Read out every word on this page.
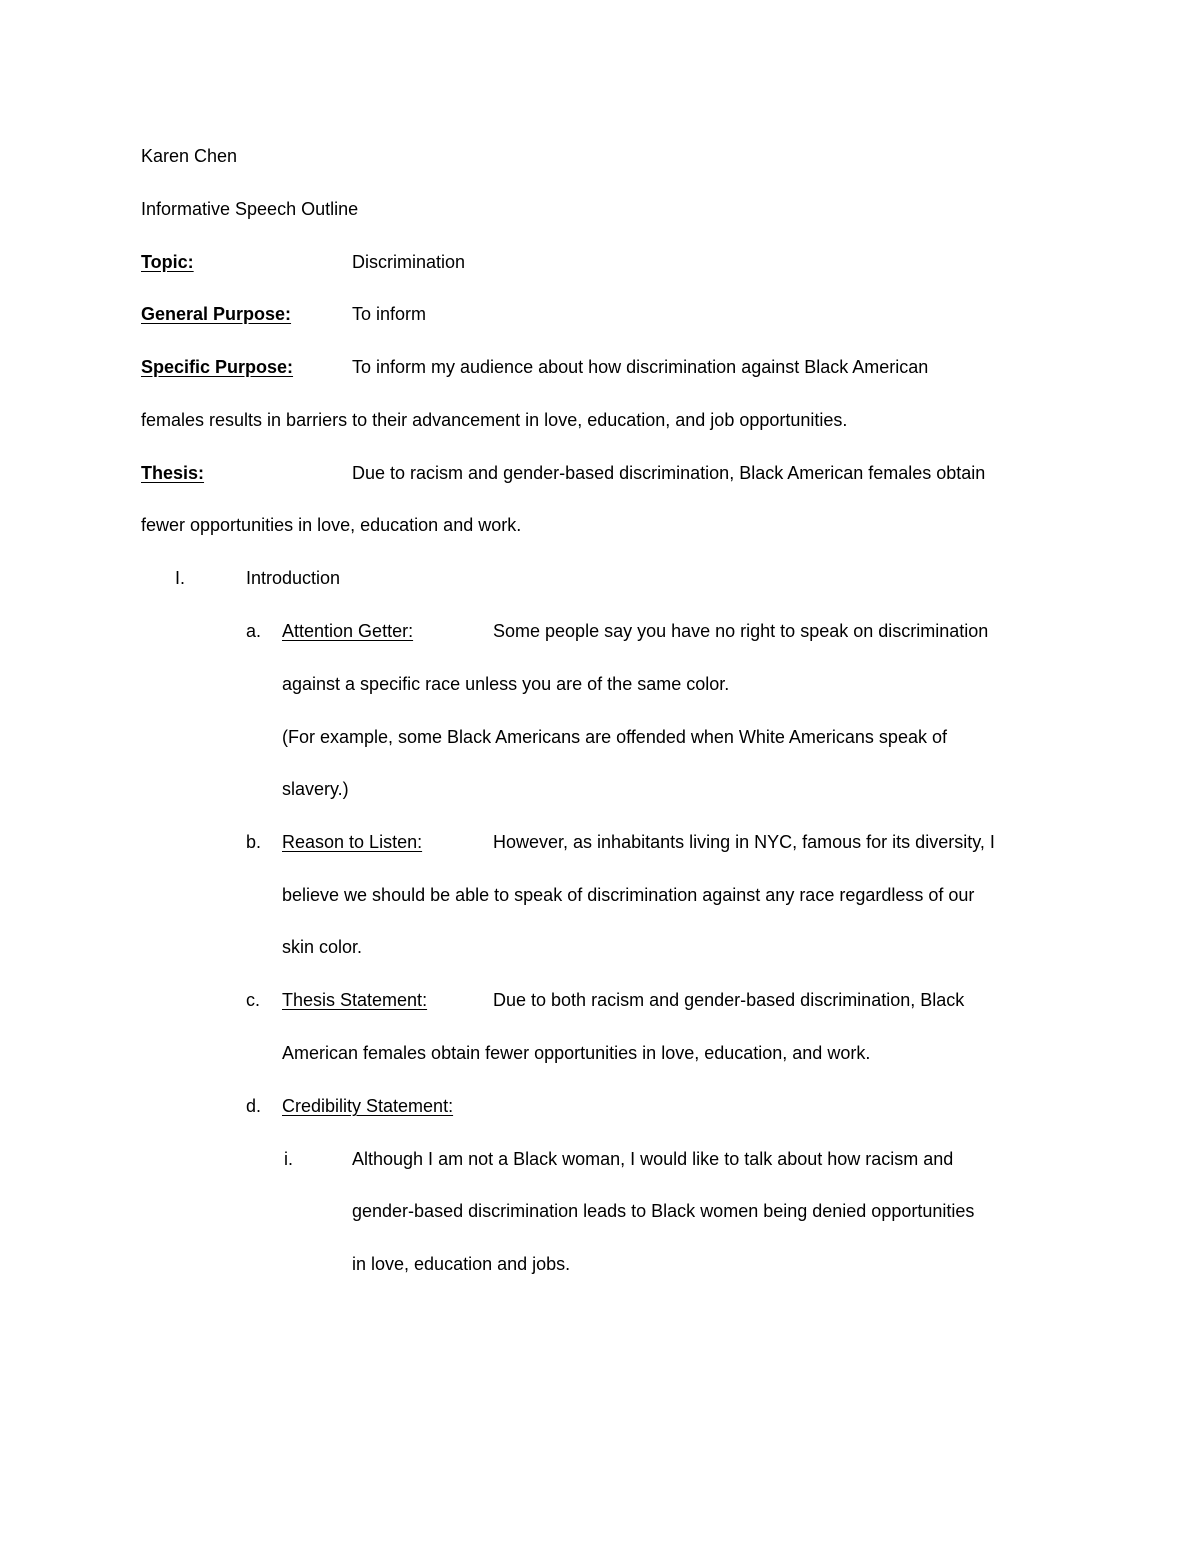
Karen Chen
Informative Speech Outline
Topic:	Discrimination
General Purpose:	To inform
Specific Purpose:	To inform my audience about how discrimination against Black American
females results in barriers to their advancement in love, education, and job opportunities.
Thesis:	Due to racism and gender-based discrimination, Black American females obtain
fewer opportunities in love, education and work.
I.	Introduction
a. Attention Getter:	Some people say you have no right to speak on discrimination
against a specific race unless you are of the same color.
(For example, some Black Americans are offended when White Americans speak of
slavery.)
b. Reason to Listen:	However, as inhabitants living in NYC, famous for its diversity, I
believe we should be able to speak of discrimination against any race regardless of our
skin color.
c. Thesis Statement:	Due to both racism and gender-based discrimination, Black
American females obtain fewer opportunities in love, education, and work.
d. Credibility Statement:
i.	Although I am not a Black woman, I would like to talk about how racism and
gender-based discrimination leads to Black women being denied opportunities
in love, education and jobs.
